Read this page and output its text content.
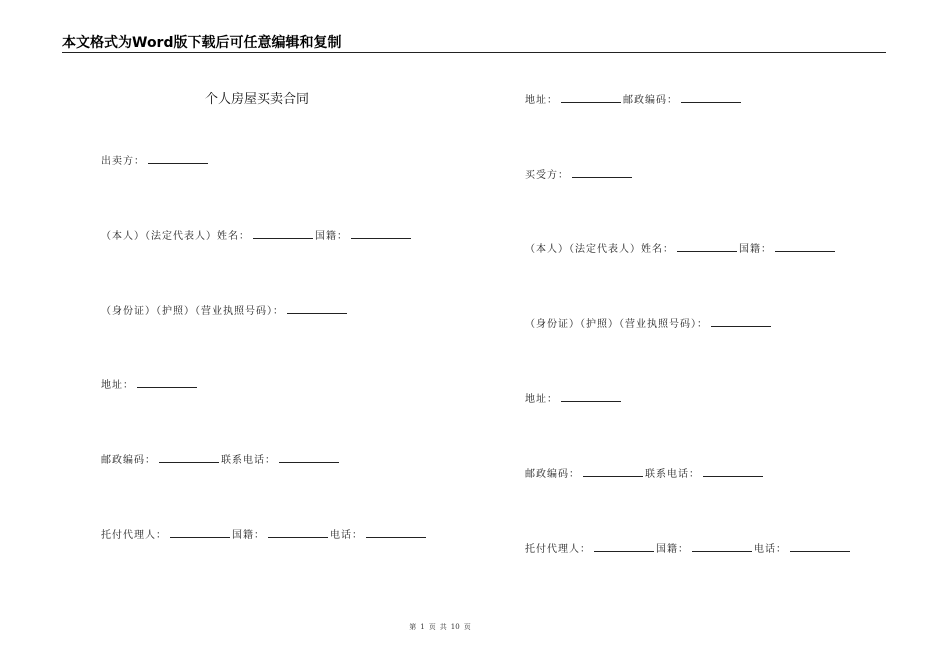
本文格式为Word版下载后可任意编辑和复制
个人房屋买卖合同
出卖方：
（本人）（法定代表人）姓名：	国籍：
（身份证）（护照）（营业执照号码）：
地址：
邮政编码：	联系电话：
托付代理人：	国籍：	电话：
地址：	邮政编码：
买受方：
（本人）（法定代表人）姓名：	国籍：
（身份证）（护照）（营业执照号码）：
地址：
邮政编码：	联系电话：
托付代理人：	国籍：	电话：
第 1 页 共 10 页
